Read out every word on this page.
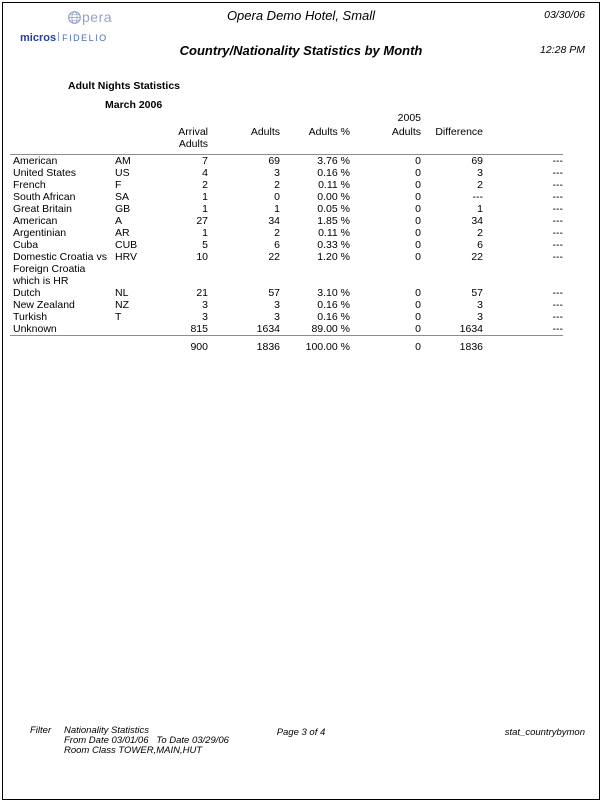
pera
micros FIDELIO
Opera Demo Hotel, Small	03/30/06
Country/Nationality Statistics by Month	12:28 PM
Adult Nights Statistics
March 2006
					2005		
		Arrival Adults	Adults	Adults %	Adults	Difference	
American	AM	7	69	3.76 %	0	69	---
United States	US	4	3	0.16 %	0	3	---
French	F	2	2	0.11 %	0	2	---
South African	SA	1	0	0.00 %	0	---	---
Great Britain	GB	1	1	0.05 %	0	1	---
American	A	27	34	1.85 %	0	34	---
Argentinian	AR	1	2	0.11 %	0	2	---
Cuba	CUB	5	6	0.33 %	0	6	---
Domestic Croatia vs Foreign Croatia which is HR	HRV	10	22	1.20 %	0	22	---
Dutch	NL	21	57	3.10 %	0	57	---
New Zealand	NZ	3	3	0.16 %	0	3	---
Turkish	T	3	3	0.16 %	0	3	---
Unknown		815	1634	89.00 %	0	1634	---
		900	1836	100.00 %	0	1836	
Filter Nationality Statistics
From Date 03/01/06   To Date 03/29/06
Room Class TOWER,MAIN,HUT
Page 3 of 4	stat_countrybymon
